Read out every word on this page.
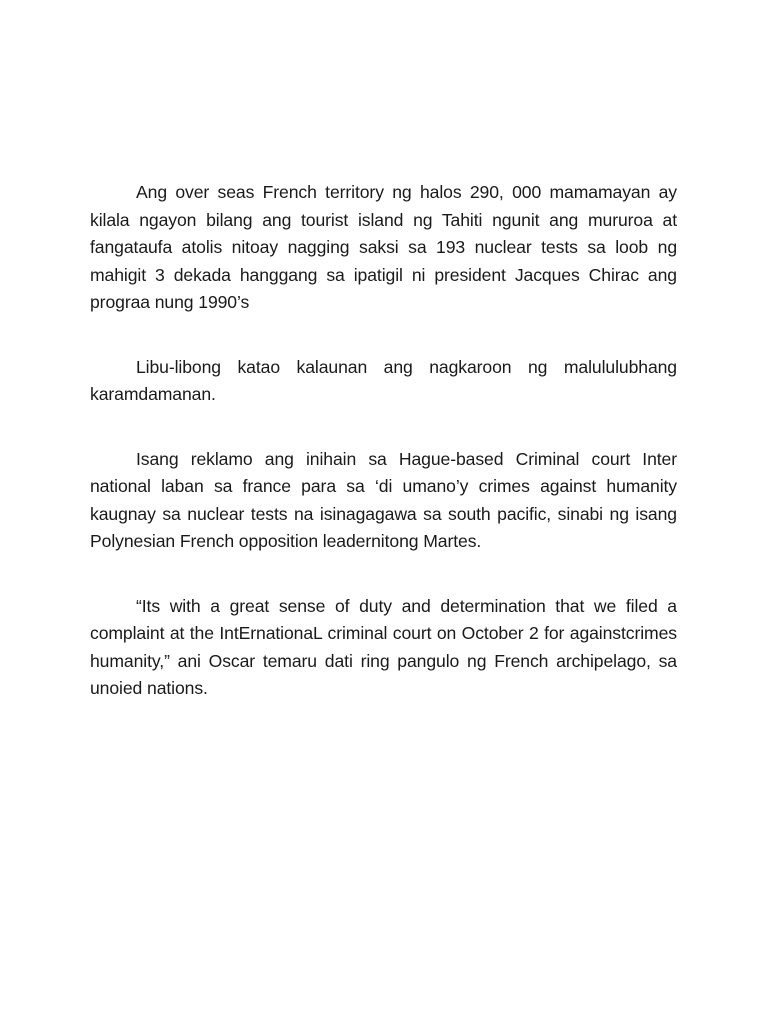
Ang over seas French territory ng halos 290, 000 mamamayan ay kilala ngayon bilang ang tourist island ng Tahiti ngunit ang mururoa at fangataufa atolis nitoay nagging saksi sa 193 nuclear tests sa loob ng mahigit 3 dekada hanggang sa ipatigil ni president Jacques Chirac ang prograa nung 1990’s

Libu-libong katao kalaunan ang nagkaroon ng malululubhang karamdamanan.

Isang reklamo ang inihain sa Hague-based Criminal court Inter national laban sa france para sa ‘di umano’y crimes against humanity kaugnay sa nuclear tests na isinagagawa sa south pacific, sinabi ng isang Polynesian French opposition leadernitong Martes.

“Its with a great sense of duty and determination that we filed a complaint at the IntErnationaL criminal court on October 2 for againstcrimes humanity,” ani Oscar temaru dati ring pangulo ng French archipelago, sa unoied nations.
